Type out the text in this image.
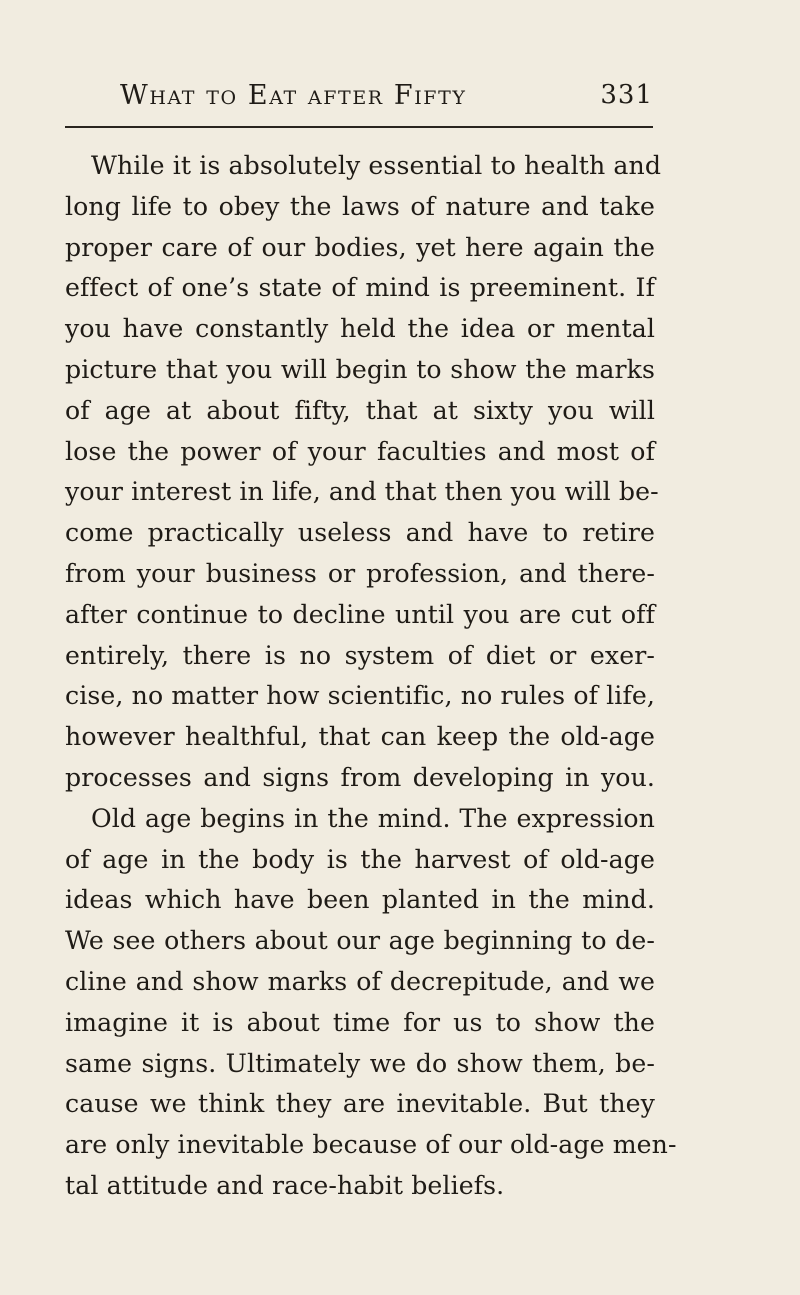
What to Eat after Fifty	331
While it is absolutely essential to health and
long life to obey the laws of nature and take
proper care of our bodies, yet here again the
effect of one’s state of mind is preeminent. If
you have constantly held the idea or mental
picture that you will begin to show the marks
of age at about fifty, that at sixty you will
lose the power of your faculties and most of
your interest in life, and that then you will be-
come practically useless and have to retire
from your business or profession, and there-
after continue to decline until you are cut off
entirely, there is no system of diet or exer-
cise, no matter how scientific, no rules of life,
however healthful, that can keep the old-age
processes and signs from developing in you.
Old age begins in the mind. The expression
of age in the body is the harvest of old-age
ideas which have been planted in the mind.
We see others about our age beginning to de-
cline and show marks of decrepitude, and we
imagine it is about time for us to show the
same signs. Ultimately we do show them, be-
cause we think they are inevitable. But they
are only inevitable because of our old-age men-
tal attitude and race-habit beliefs.
